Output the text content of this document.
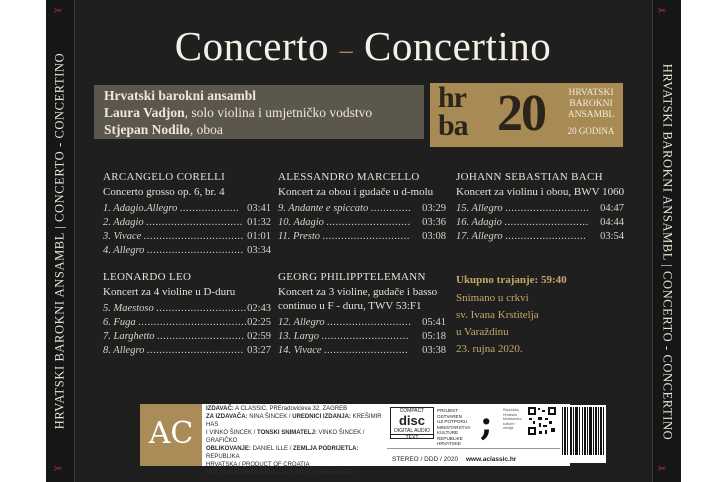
HRVATSKI BAROKNI ANSAMBL | CONCERTO - CONCERTINO	HRVATSKI BAROKNI ANSAMBL | CONCERTO - CONCERTINO
✂	✂
✂	✂
Concerto – Concertino
Hrvatski barokni ansambl
Laura Vadjon, solo violina i umjetničko vodstvo
Stjepan Nodilo, oboa
hr
ba 20	HRVATSKI
BAROKNI
ANSAMBL
20 GODINA
ARCANGELO CORELLI
Concerto grosso op. 6, br. 4
1. Adagio.Allegro ................... 03:41
2. Adagio ............................... 01:32
3. Vivace ................................ 01:01
4. Allegro ............................... 03:34
ALESSANDRO MARCELLO
Koncert za obou i gudače u d-molu
9. Andante e spiccato ............. 03:29
10. Adagio ........................... 03:36
11. Presto ............................ 03:08
JOHANN SEBASTIAN BACH
Koncert za violinu i obou, BWV 1060
15. Allegro ........................... 04:47
16. Adagio ........................... 04:44
17. Allegro .......................... 03:54
LEONARDO LEO
Koncert za 4 violine u D-duru
5. Maestoso ............................. 02:43
6. Fuga ................................... 02:25
7. Larghetto ............................ 02:59
8. Allegro ............................... 03:27
GEORG PHILIPPTELEMANN
Koncert za 3 violine, gudače i basso
continuo u F - duru, TWV 53:F1
12. Allegro ........................... 05:41
13. Largo ............................ 05:18
14. Vivace ........................... 03:38
Ukupno trajanje: 59:40
Snimano u crkvi
sv. Ivana Krstitelja
u Varaždinu
23. rujna 2020.
AC
IZDAVAČ: A CLASSIC, PREradovićeva 32, ZAGREB
ZA IZDAVAČA: NINA ŠINCEK / UREDNICI IZDANJA: KREŠIMIR HAS
I VINKO ŠINCEK / TONSKI SNIMATELJ: VINKO ŠINCEK / GRAFIČKO
OBLIKOVANJE: DANIEL ILLE / ZEMLJA PODRIJETLA: REPUBLIKA
HRVATSKA / PRODUCT OF CROATIA
SVA PRAVA PRIDRŽANA – ALL RIGHTS RESERVED
COMPACT
disc
DIGITAL AUDIO
TEXT
PROJEKT
OSTVAREN
UZ POTPORU
MINISTARSTVA
KULTURE
REPUBLIKE
HRVATSKE ;	Republika Hrvatska Ministarstvo kulture i medija
STEREO / DDD / 2020 www.aclassic.hr
